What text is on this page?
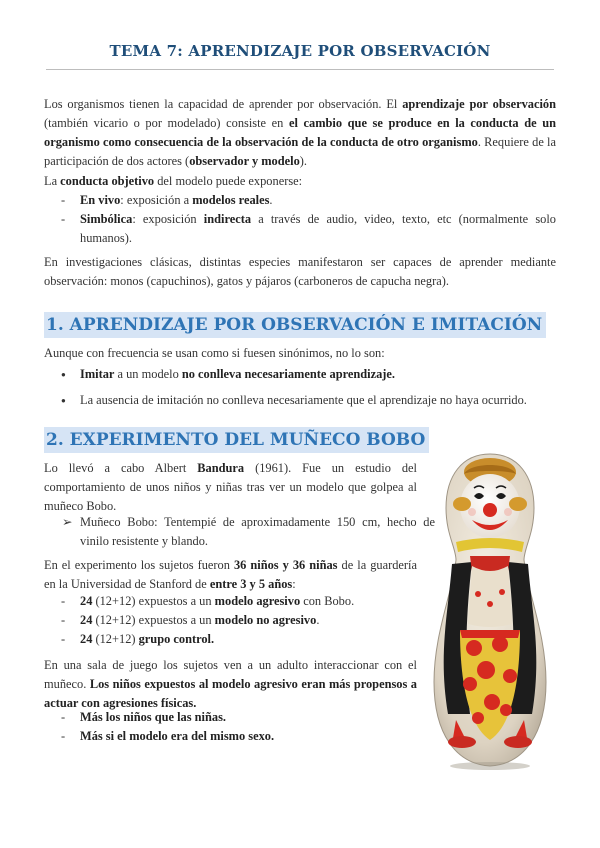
TEMA 7: APRENDIZAJE POR OBSERVACIÓN

Los organismos tienen la capacidad de aprender por observación. El aprendizaje por observación (también vicario o por modelado) consiste en el cambio que se produce en la conducta de un organismo como consecuencia de la observación de la conducta de otro organismo. Requiere de la participación de dos actores (observador y modelo).

La conducta objetivo del modelo puede exponerse:

- En vivo: exposición a modelos reales.
- Simbólica: exposición indirecta a través de audio, video, texto, etc (normalmente solo humanos).

En investigaciones clásicas, distintas especies manifestaron ser capaces de aprender mediante observación: monos (capuchinos), gatos y pájaros (carboneros de capucha negra).

1. APRENDIZAJE POR OBSERVACIÓN E IMITACIÓN

Aunque con frecuencia se usan como si fuesen sinónimos, no lo son:

● Imitar a un modelo no conlleva necesariamente aprendizaje.
● La ausencia de imitación no conlleva necesariamente que el aprendizaje no haya ocurrido.
2. EXPERIMENTO DEL MUÑECO BOBO

Lo llevó a cabo Albert Bandura (1961). Fue un estudio del comportamiento de unos niños y niñas tras ver un modelo que golpea al muñeco Bobo.

➢ Muñeco Bobo: Tentempié de aproximadamente 150 cm, hecho de vinilo resistente y blando.

En el experimento los sujetos fueron 36 niños y 36 niñas de la guardería en la Universidad de Stanford de entre 3 y 5 años:

- 24 (12+12) expuestos a un modelo agresivo con Bobo.
- 24 (12+12) expuestos a un modelo no agresivo.
- 24 (12+12) grupo control.

En una sala de juego los sujetos ven a un adulto interaccionar con el muñeco. Los niños expuestos al modelo agresivo eran más propensos a actuar con agresiones físicas.

- Más los niños que las niñas.
- Más si el modelo era del mismo sexo.
